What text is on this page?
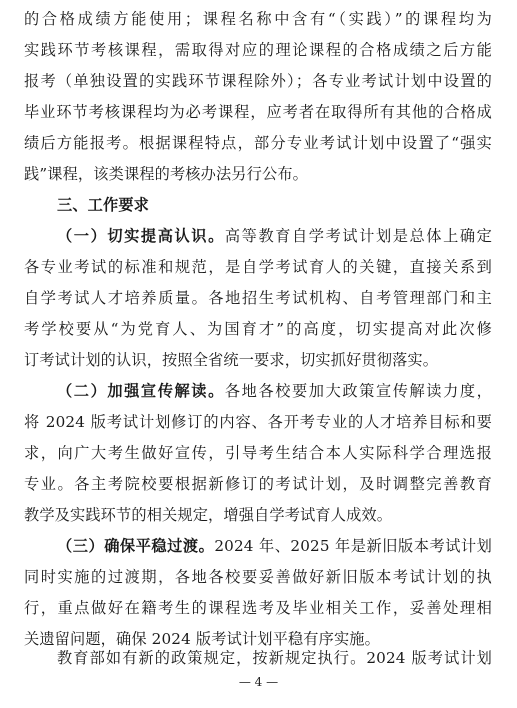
的合格成绩方能使用；课程名称中含有“（实践）”的课程均为
实践环节考核课程，需取得对应的理论课程的合格成绩之后方能
报考（单独设置的实践环节课程除外）；各专业考试计划中设置的
毕业环节考核课程均为必考课程，应考者在取得所有其他的合格成
绩后方能报考。根据课程特点，部分专业考试计划中设置了“强实
践”课程，该类课程的考核办法另行公布。
三、工作要求
（一）切实提高认识。高等教育自学考试计划是总体上确定
各专业考试的标准和规范，是自学考试育人的关键，直接关系到
自学考试人才培养质量。各地招生考试机构、自考管理部门和主
考学校要从“为党育人、为国育才”的高度，切实提高对此次修
订考试计划的认识，按照全省统一要求，切实抓好贯彻落实。
（二）加强宣传解读。各地各校要加大政策宣传解读力度，
将 2024 版考试计划修订的内容、各开考专业的人才培养目标和要
求，向广大考生做好宣传，引导考生结合本人实际科学合理选报
专业。各主考院校要根据新修订的考试计划，及时调整完善教育
教学及实践环节的相关规定，增强自学考试育人成效。
（三）确保平稳过渡。2024 年、2025 年是新旧版本考试计划
同时实施的过渡期，各地各校要妥善做好新旧版本考试计划的执
行，重点做好在籍考生的课程选考及毕业相关工作，妥善处理相
关遗留问题，确保 2024 版考试计划平稳有序实施。
教育部如有新的政策规定，按新规定执行。2024 版考试计划
— 4 —
